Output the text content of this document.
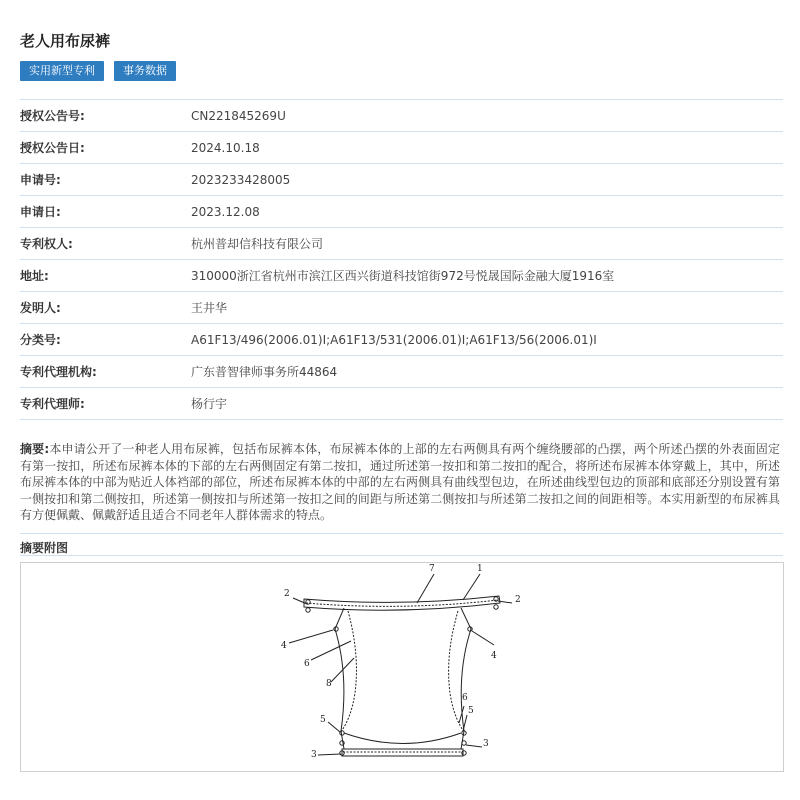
老人用布尿裤
实用新型专利	事务数据
授权公告号:	CN221845269U
授权公告日:	2024.10.18
申请号:	2023233428005
申请日:	2023.12.08
专利权人:	杭州普却信科技有限公司
地址:	310000浙江省杭州市滨江区西兴街道科技馆街972号悦晟国际金融大厦1916室
发明人:	王井华
分类号:	A61F13/496(2006.01)I;A61F13/531(2006.01)I;A61F13/56(2006.01)I
专利代理机构:	广东普智律师事务所44864
专利代理师:	杨行宇
摘要:本申请公开了一种老人用布尿裤，包括布尿裤本体，布尿裤本体的上部的左右两侧具有两个缠绕腰部的凸摆，两个所述凸摆的外表面固定有第一按扣，所述布尿裤本体的下部的左右两侧固定有第二按扣，通过所述第一按扣和第二按扣的配合，将所述布尿裤本体穿戴上，其中，所述布尿裤本体的中部为贴近人体裆部的部位，所述布尿裤本体的中部的左右两侧具有曲线型包边，在所述曲线型包边的顶部和底部还分别设置有第一侧按扣和第二侧按扣，所述第一侧按扣与所述第一按扣之间的间距与所述第二侧按扣与所述第二按扣之间的间距相等。本实用新型的布尿裤具有方便佩戴、佩戴舒适且适合不同老年人群体需求的特点。
摘要附图
7	1
2
2
4
4
6
8
5
6
5
3
3
